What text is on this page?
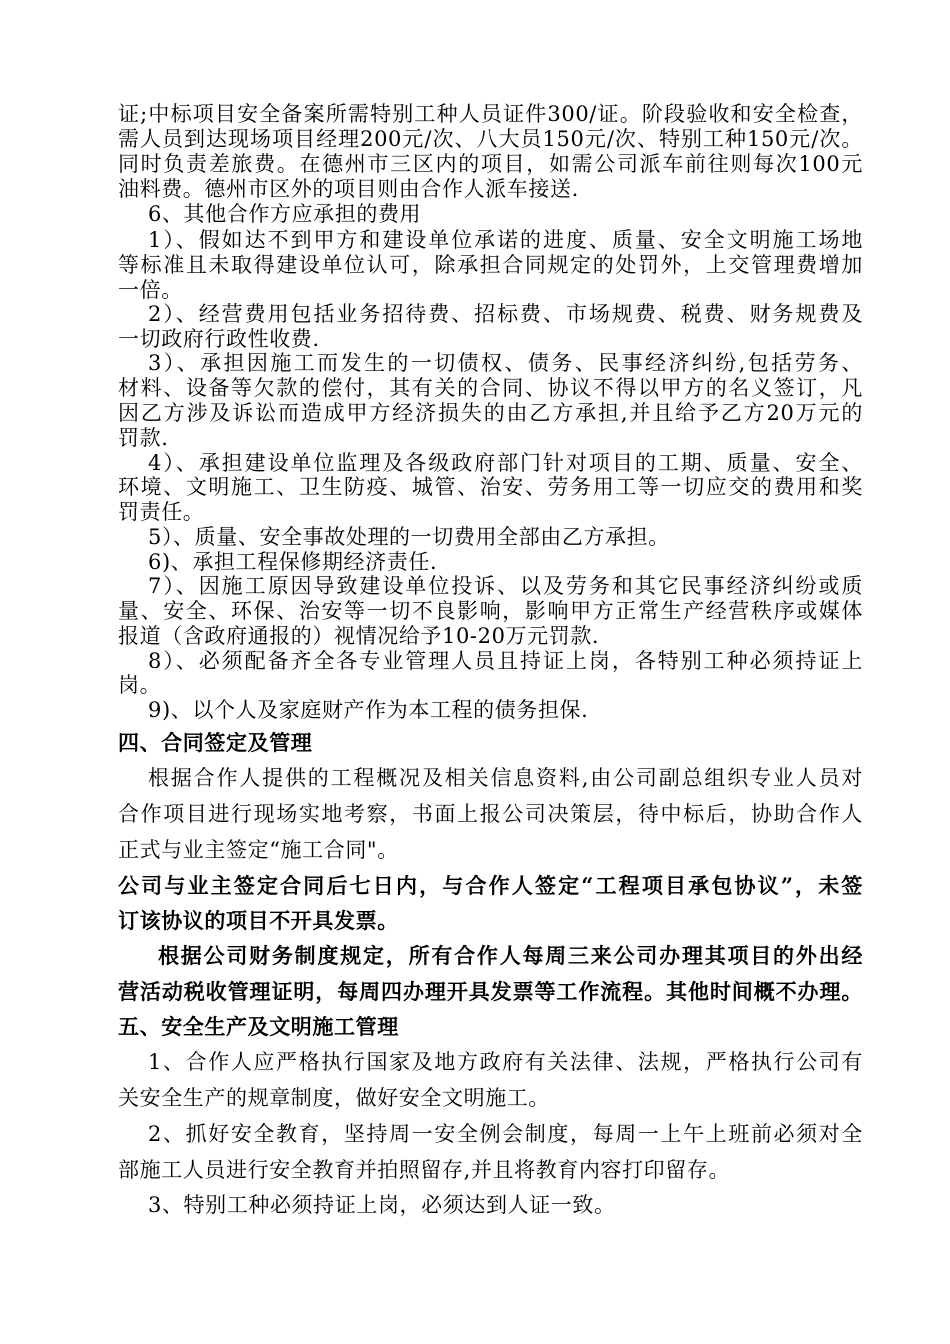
证;中标项目安全备案所需特别工种人员证件300/证。阶段验收和安全检查，
需人员到达现场项目经理200元/次、八大员150元/次、特别工种150元/次。
同时负责差旅费。在德州市三区内的项目，如需公司派车前往则每次100元
油料费。德州市区外的项目则由合作人派车接送.
6、其他合作方应承担的费用
1）、假如达不到甲方和建设单位承诺的进度、质量、安全文明施工场地
等标准且未取得建设单位认可，除承担合同规定的处罚外，上交管理费增加
一倍。
2）、经营费用包括业务招待费、招标费、市场规费、税费、财务规费及
一切政府行政性收费.
3）、承担因施工而发生的一切债权、债务、民事经济纠纷,包括劳务、
材料、设备等欠款的偿付，其有关的合同、协议不得以甲方的名义签订，凡
因乙方涉及诉讼而造成甲方经济损失的由乙方承担,并且给予乙方20万元的
罚款.
4）、承担建设单位监理及各级政府部门针对项目的工期、质量、安全、
环境、文明施工、卫生防疫、城管、治安、劳务用工等一切应交的费用和奖
罚责任。
5）、质量、安全事故处理的一切费用全部由乙方承担。
6)、承担工程保修期经济责任.
7）、因施工原因导致建设单位投诉、以及劳务和其它民事经济纠纷或质
量、安全、环保、治安等一切不良影响，影响甲方正常生产经营秩序或媒体
报道（含政府通报的）视情况给予10-20万元罚款.
8）、必须配备齐全各专业管理人员且持证上岗，各特别工种必须持证上
岗。
9)、以个人及家庭财产作为本工程的债务担保.
四、合同签定及管理
根据合作人提供的工程概况及相关信息资料,由公司副总组织专业人员对
合作项目进行现场实地考察，书面上报公司决策层，待中标后，协助合作人
正式与业主签定“施工合同"。
公司与业主签定合同后七日内，与合作人签定“工程项目承包协议”，未签
订该协议的项目不开具发票。
根据公司财务制度规定，所有合作人每周三来公司办理其项目的外出经
营活动税收管理证明，每周四办理开具发票等工作流程。其他时间概不办理。
五、安全生产及文明施工管理
1、合作人应严格执行国家及地方政府有关法律、法规，严格执行公司有
关安全生产的规章制度，做好安全文明施工。
2、抓好安全教育，坚持周一安全例会制度，每周一上午上班前必须对全
部施工人员进行安全教育并拍照留存,并且将教育内容打印留存。
3、特别工种必须持证上岗，必须达到人证一致。
